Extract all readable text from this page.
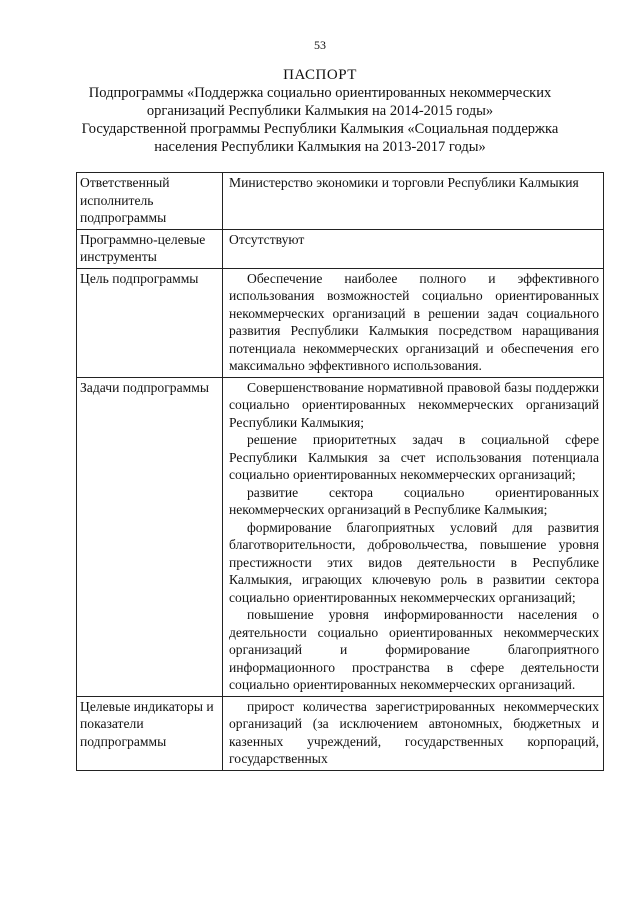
53
ПАСПОРТ
Подпрограммы «Поддержка социально ориентированных некоммерческих
организаций Республики Калмыкия на 2014-2015 годы»
Государственной программы Республики Калмыкия «Социальная поддержка
населения Республики Калмыкия на 2013-2017 годы»
Ответственный исполнитель подпрограммы	Министерство экономики и торговли Республики Калмыкия

Программно-целевые инструменты	Отсутствуют

Цель подпрограммы	Обеспечение наиболее полного и эффективного использования возможностей социально ориентированных некоммерческих организаций в решении задач социального развития Республики Калмыкия посредством наращивания потенциала некоммерческих организаций и обеспечения его максимально эффективного использования.

Задачи подпрограммы	Совершенствование нормативной правовой базы поддержки социально ориентированных некоммерческих организаций Республики Калмыкия;

решение приоритетных задач в социальной сфере Республики Калмыкия за счет использования потенциала социально ориентированных некоммерческих организаций;

развитие сектора социально ориентированных некоммерческих организаций в Республике Калмыкия;

формирование благоприятных условий для развития благотворительности, добровольчества, повышение уровня престижности этих видов деятельности в Республике Калмыкия, играющих ключевую роль в развитии сектора социально ориентированных некоммерческих организаций;

повышение уровня информированности населения о деятельности социально ориентированных некоммерческих организаций и формирование благоприятного информационного пространства в сфере деятельности социально ориентированных некоммерческих организаций.

Целевые индикаторы и показатели подпрограммы	прирост количества зарегистрированных некоммерческих организаций (за исключением автономных, бюджетных и казенных учреждений, государственных корпораций, государственных
